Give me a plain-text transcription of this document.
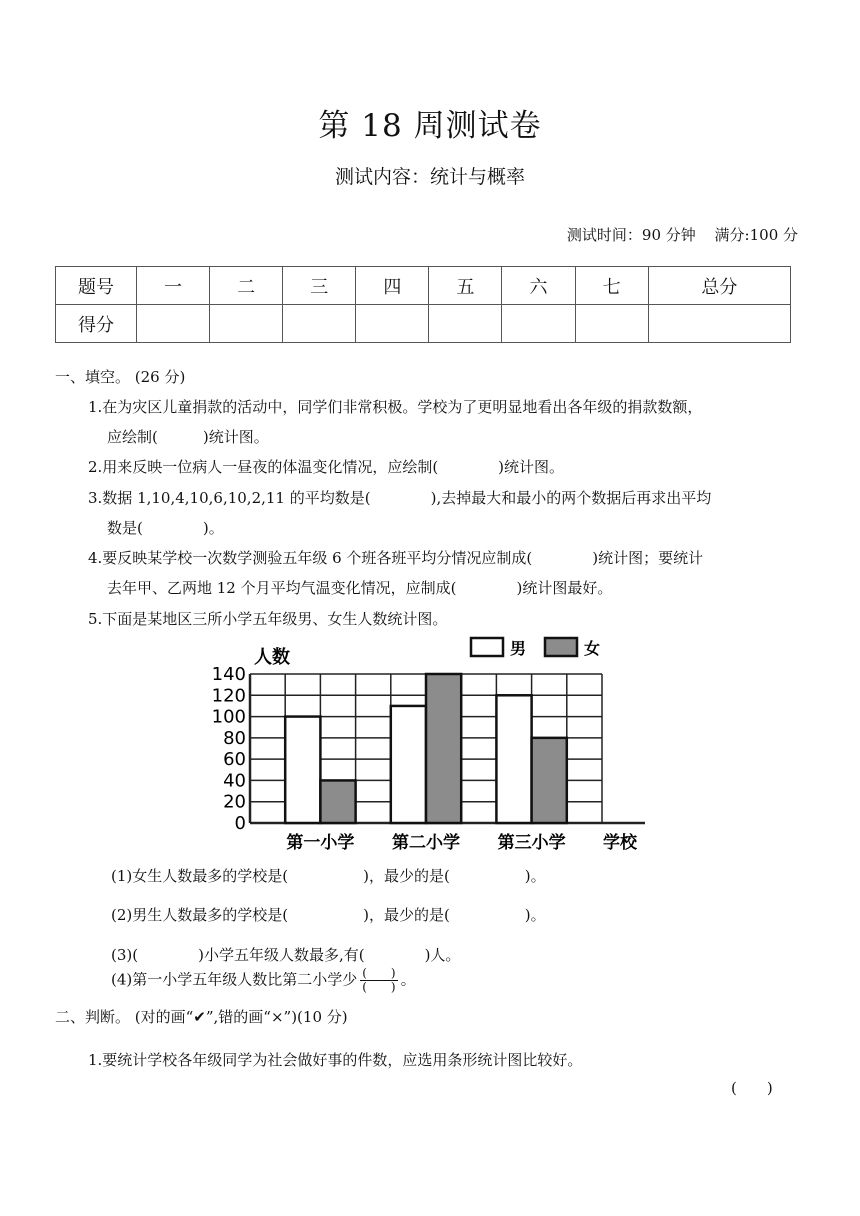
第 18 周测试卷
测试内容：统计与概率
测试时间：90 分钟 满分:100 分
题号	一	二	三	四	五	六	七	总分
得分								
一、填空。 (26 分)
1.在为灾区儿童捐款的活动中，同学们非常积极。学校为了更明显地看出各年级的捐款数额，
应绘制(　　　)统计图。
2.用来反映一位病人一昼夜的体温变化情况，应绘制(　　　　)统计图。
3.数据 1,10,4,10,6,10,2,11 的平均数是(　　　　),去掉最大和最小的两个数据后再求出平均
数是(　　　　)。
4.要反映某学校一次数学测验五年级 6 个班各班平均分情况应制成(　　　　)统计图；要统计
去年甲、乙两地 12 个月平均气温变化情况，应制成(　　　　)统计图最好。
5.下面是某地区三所小学五年级男、女生人数统计图。
0
20
40
60
80
100
120
140
第一小学 第二小学 第三小学
人数
学校
男	女
(1)女生人数最多的学校是(　　　　　)，最少的是(　　　　　)。
(2)男生人数最多的学校是(　　　　　)，最少的是(　　　　　)。
(3)(　　　　)小学五年级人数最多,有(　　　　)人。
(4)第一小学五年级人数比第二小学少 $\frac{( )}{( )}$ 。
二、判断。 (对的画“✔”,错的画“×”)(10 分)
1.要统计学校各年级同学为社会做好事的件数，应选用条形统计图比较好。
(　　)
